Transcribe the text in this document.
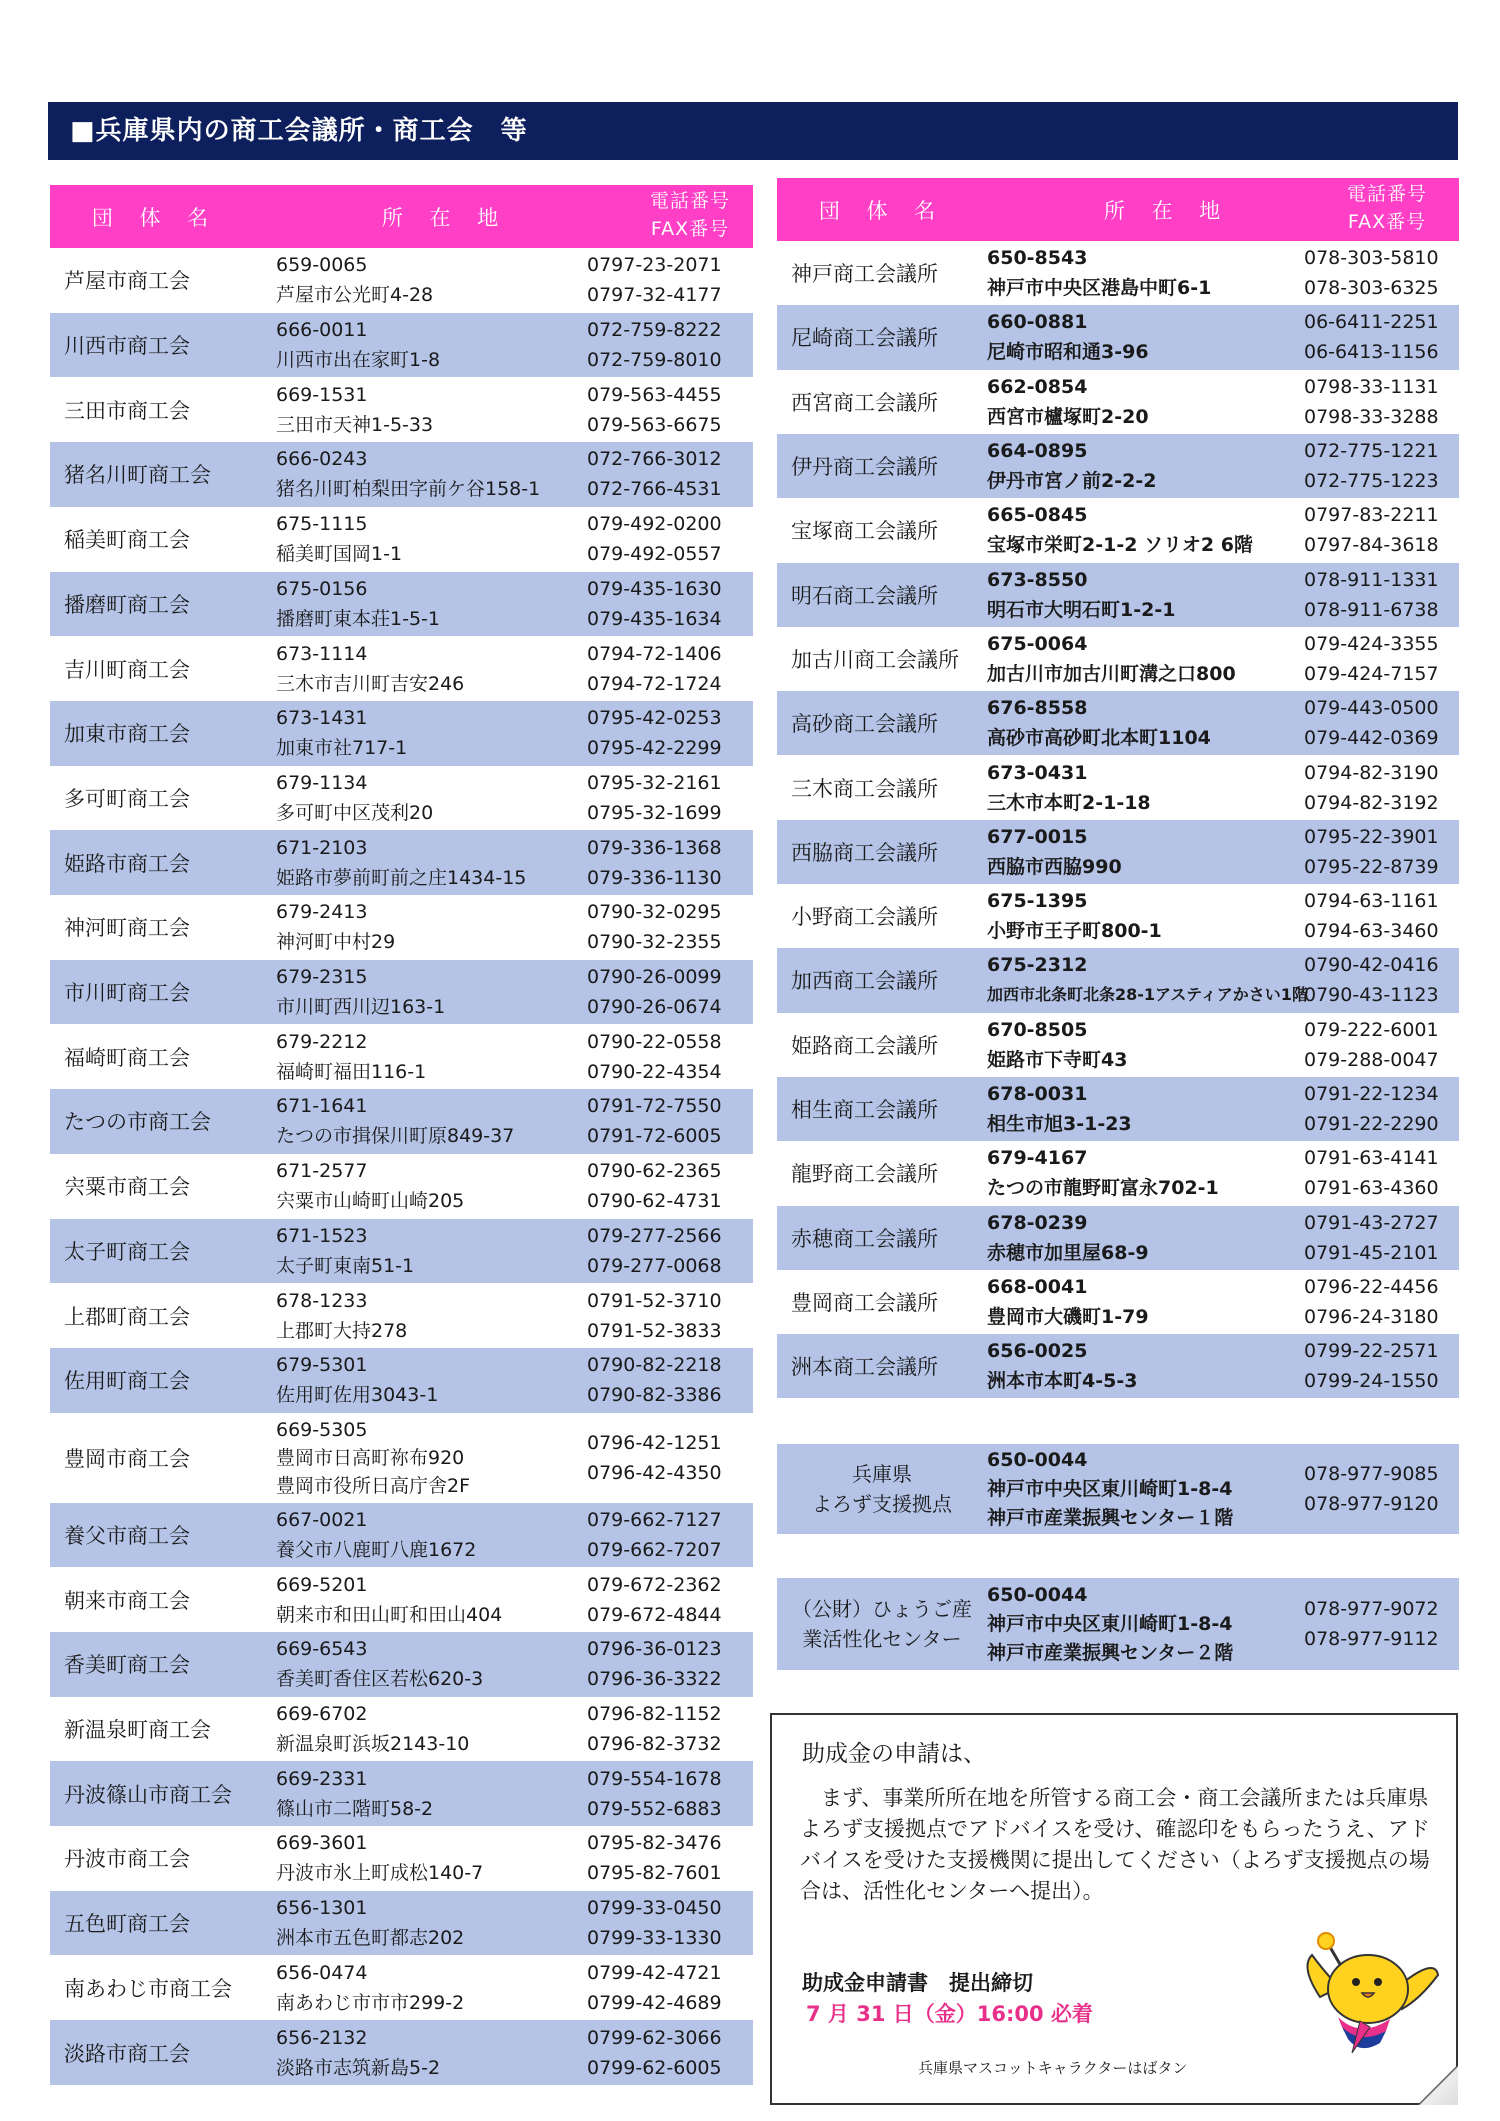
■兵庫県内の商工会議所・商工会　等
団 体 名	所 在 地
電話番号
FAX番号
芦屋市商工会
659-0065
芦屋市公光町4-28
0797-23-2071
0797-32-4177
川西市商工会
666-0011
川西市出在家町1-8
072-759-8222
072-759-8010
三田市商工会
669-1531
三田市天神1-5-33
079-563-4455
079-563-6675
猪名川町商工会
666-0243
猪名川町柏梨田字前ケ谷158-1
072-766-3012
072-766-4531
稲美町商工会
675-1115
稲美町国岡1-1
079-492-0200
079-492-0557
播磨町商工会
675-0156
播磨町東本荘1-5-1
079-435-1630
079-435-1634
吉川町商工会
673-1114
三木市吉川町吉安246
0794-72-1406
0794-72-1724
加東市商工会
673-1431
加東市社717-1
0795-42-0253
0795-42-2299
多可町商工会
679-1134
多可町中区茂利20
0795-32-2161
0795-32-1699
姫路市商工会
671-2103
姫路市夢前町前之庄1434-15
079-336-1368
079-336-1130
神河町商工会
679-2413
神河町中村29
0790-32-0295
0790-32-2355
市川町商工会
679-2315
市川町西川辺163-1
0790-26-0099
0790-26-0674
福崎町商工会
679-2212
福崎町福田116-1
0790-22-0558
0790-22-4354
たつの市商工会
671-1641
たつの市揖保川町原849-37
0791-72-7550
0791-72-6005
宍粟市商工会
671-2577
宍粟市山崎町山崎205
0790-62-2365
0790-62-4731
太子町商工会
671-1523
太子町東南51-1
079-277-2566
079-277-0068
上郡町商工会
678-1233
上郡町大持278
0791-52-3710
0791-52-3833
佐用町商工会
679-5301
佐用町佐用3043-1
0790-82-2218
0790-82-3386
豊岡市商工会
669-5305
豊岡市日高町祢布920
豊岡市役所日高庁舎2F
0796-42-1251
0796-42-4350
養父市商工会
667-0021
養父市八鹿町八鹿1672
079-662-7127
079-662-7207
朝来市商工会
669-5201
朝来市和田山町和田山404
079-672-2362
079-672-4844
香美町商工会
669-6543
香美町香住区若松620-3
0796-36-0123
0796-36-3322
新温泉町商工会
669-6702
新温泉町浜坂2143-10
0796-82-1152
0796-82-3732
丹波篠山市商工会
669-2331
篠山市二階町58-2
079-554-1678
079-552-6883
丹波市商工会
669-3601
丹波市氷上町成松140-7
0795-82-3476
0795-82-7601
五色町商工会
656-1301
洲本市五色町都志202
0799-33-0450
0799-33-1330
南あわじ市商工会
656-0474
南あわじ市市市299-2
0799-42-4721
0799-42-4689
淡路市商工会
656-2132
淡路市志筑新島5-2
0799-62-3066
0799-62-6005
団 体 名	所 在 地
電話番号
FAX番号
神戸商工会議所
650-8543
神戸市中央区港島中町6-1
078-303-5810
078-303-6325
尼崎商工会議所
660-0881
尼崎市昭和通3-96
06-6411-2251
06-6413-1156
西宮商工会議所
662-0854
西宮市櫨塚町2-20
0798-33-1131
0798-33-3288
伊丹商工会議所
664-0895
伊丹市宮ノ前2-2-2
072-775-1221
072-775-1223
宝塚商工会議所
665-0845
宝塚市栄町2-1-2 ソリオ2 6階
0797-83-2211
0797-84-3618
明石商工会議所
673-8550
明石市大明石町1-2-1
078-911-1331
078-911-6738
加古川商工会議所
675-0064
加古川市加古川町溝之口800
079-424-3355
079-424-7157
高砂商工会議所
676-8558
高砂市高砂町北本町1104
079-443-0500
079-442-0369
三木商工会議所
673-0431
三木市本町2-1-18
0794-82-3190
0794-82-3192
西脇商工会議所
677-0015
西脇市西脇990
0795-22-3901
0795-22-8739
小野商工会議所
675-1395
小野市王子町800-1
0794-63-1161
0794-63-3460
加西商工会議所
675-2312
加西市北条町北条28-1アスティアかさい1階
0790-42-0416
0790-43-1123
姫路商工会議所
670-8505
姫路市下寺町43
079-222-6001
079-288-0047
相生商工会議所
678-0031
相生市旭3-1-23
0791-22-1234
0791-22-2290
龍野商工会議所
679-4167
たつの市龍野町富永702-1
0791-63-4141
0791-63-4360
赤穂商工会議所
678-0239
赤穂市加里屋68-9
0791-43-2727
0791-45-2101
豊岡商工会議所
668-0041
豊岡市大磯町1-79
0796-22-4456
0796-24-3180
洲本商工会議所
656-0025
洲本市本町4-5-3
0799-22-2571
0799-24-1550
兵庫県
よろず支援拠点
650-0044
神戸市中央区東川崎町1-8-4
神戸市産業振興センター１階
078-977-9085
078-977-9120
（公財）ひょうご産
業活性化センター
650-0044
神戸市中央区東川崎町1-8-4
神戸市産業振興センター２階
078-977-9072
078-977-9112
助成金の申請は、
　まず、事業所所在地を所管する商工会・商工会議所または兵庫県よろず支援拠点でアドバイスを受け、確認印をもらったうえ、アドバイスを受けた支援機関に提出してください（よろず支援拠点の場合は、活性化センターへ提出）。
助成金申請書　提出締切
7 月 31 日（金）16:00 必着
兵庫県マスコットキャラクターはばタン
